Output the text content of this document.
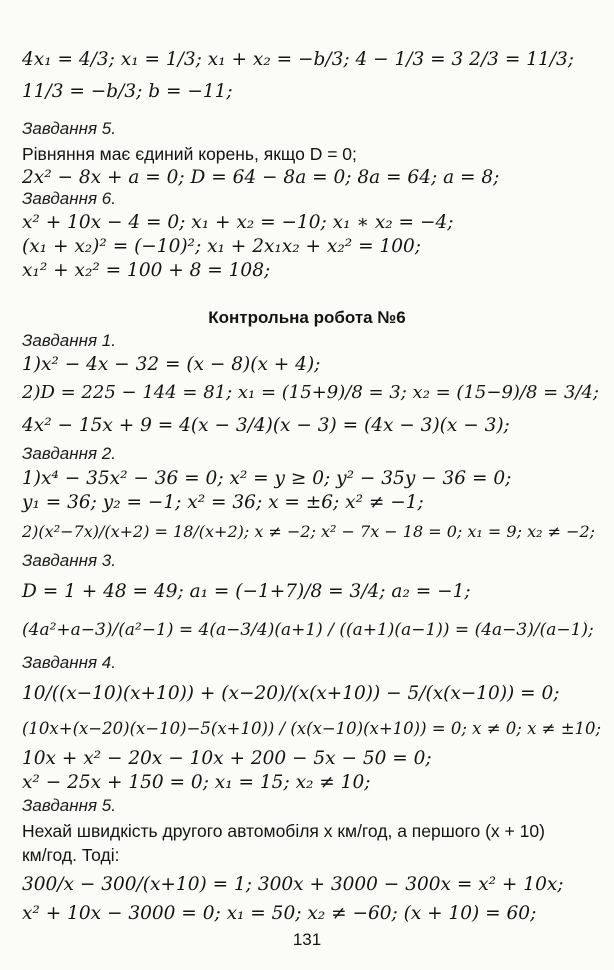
4x₁ = 4/3; x₁ = 1/3; x₁ + x₂ = −b/3; 4 − 1/3 = 3 2/3 = 11/3;
11/3 = −b/3; b = −11;
Завдання 5.
Рівняння має єдиний корень, якщо D = 0;
2x² − 8x + a = 0; D = 64 − 8a = 0; 8a = 64; a = 8;
Завдання 6.
x² + 10x − 4 = 0; x₁ + x₂ = −10; x₁ ∗ x₂ = −4;
(x₁ + x₂)² = (−10)²; x₁ + 2x₁x₂ + x₂² = 100;
x₁² + x₂² = 100 + 8 = 108;
Контрольна робота №6
Завдання 1.
1)x² − 4x − 32 = (x − 8)(x + 4);
2)D = 225 − 144 = 81; x₁ = (15+9)/8 = 3; x₂ = (15−9)/8 = 3/4;
4x² − 15x + 9 = 4(x − 3/4)(x − 3) = (4x − 3)(x − 3);
Завдання 2.
1)x⁴ − 35x² − 36 = 0; x² = y ≥ 0; y² − 35y − 36 = 0;
y₁ = 36; y₂ = −1; x² = 36; x = ±6; x² ≠ −1;
2)(x²−7x)/(x+2) = 18/(x+2); x ≠ −2; x² − 7x − 18 = 0; x₁ = 9; x₂ ≠ −2;
Завдання 3.
D = 1 + 48 = 49; a₁ = (−1+7)/8 = 3/4; a₂ = −1;
(4a²+a−3)/(a²−1) = 4(a−3/4)(a+1) / ((a+1)(a−1)) = (4a−3)/(a−1);
Завдання 4.
10/((x−10)(x+10)) + (x−20)/(x(x+10)) − 5/(x(x−10)) = 0;
(10x+(x−20)(x−10)−5(x+10)) / (x(x−10)(x+10)) = 0; x ≠ 0; x ≠ ±10;
10x + x² − 20x − 10x + 200 − 5x − 50 = 0;
x² − 25x + 150 = 0; x₁ = 15; x₂ ≠ 10;
Завдання 5.
Нехай швидкість другого автомобіля x км/год, а першого (x + 10)
км/год. Тоді:
300/x − 300/(x+10) = 1; 300x + 3000 − 300x = x² + 10x;
x² + 10x − 3000 = 0; x₁ = 50; x₂ ≠ −60; (x + 10) = 60;
131
